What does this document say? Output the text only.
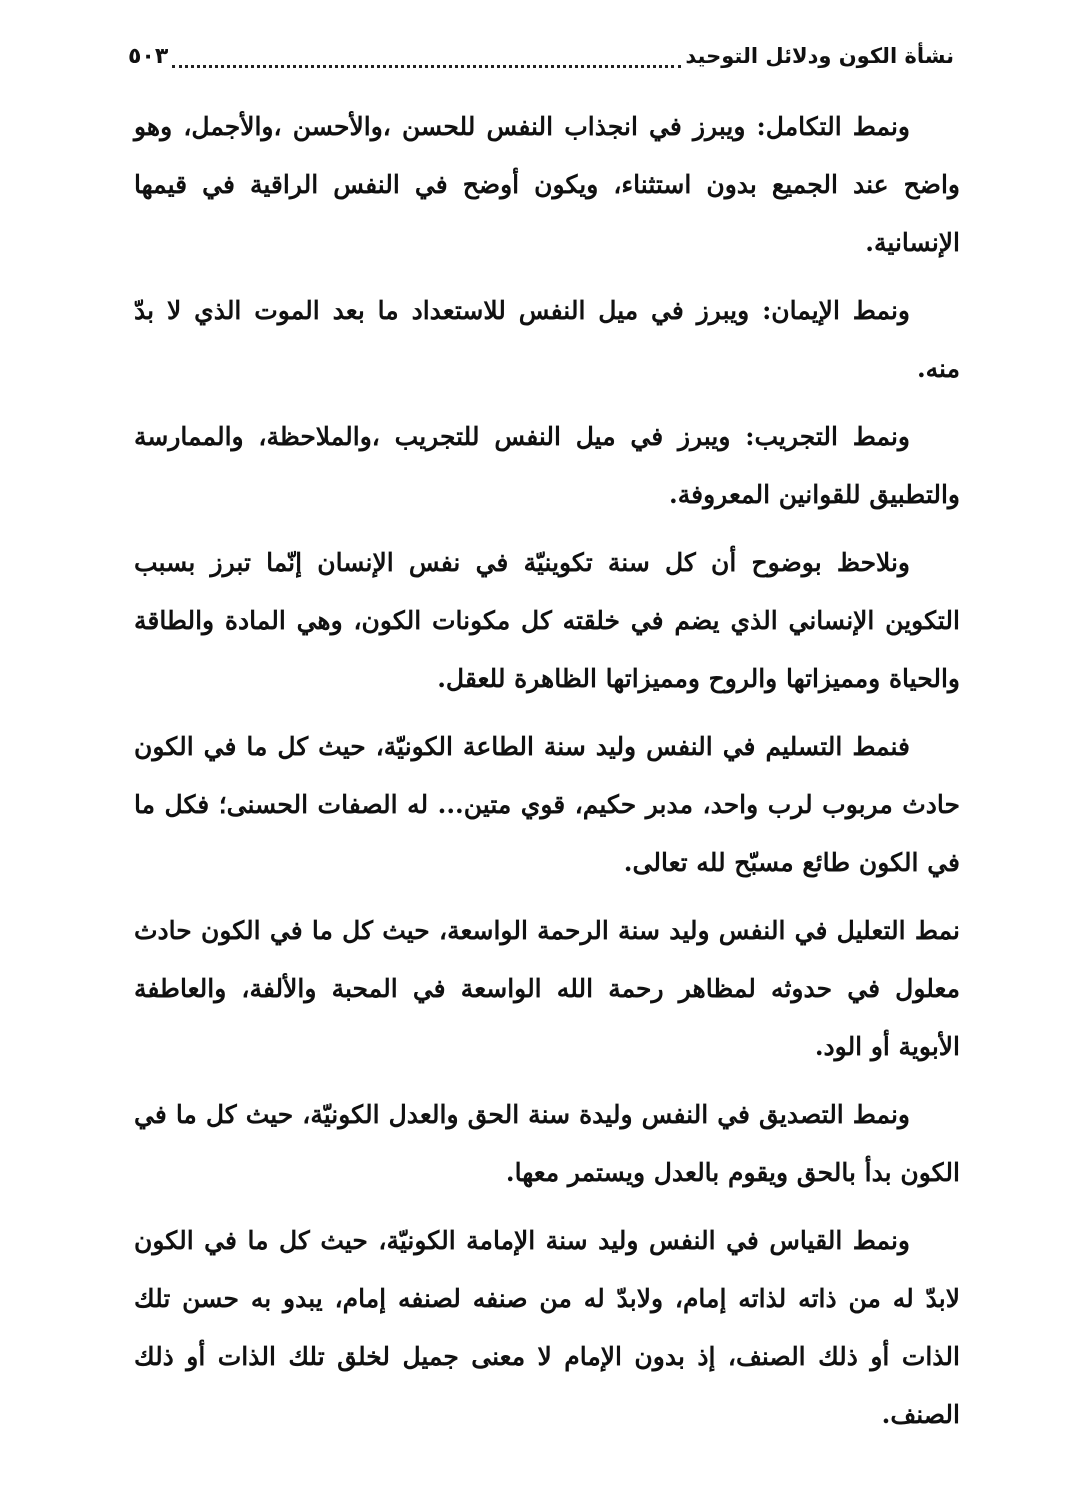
نشأة الكون ودلائل التوحيد
٥٠٣

ونمط التكامل: ويبرز في انجذاب النفس للحسن ،والأحسن ،والأجمل، وهو واضح عند الجميع بدون استثناء، ويكون أوضح في النفس الراقية في قيمها الإنسانية.

ونمط الإيمان: ويبرز في ميل النفس للاستعداد ما بعد الموت الذي لا بدّ منه.

ونمط التجريب: ويبرز في ميل النفس للتجريب ،والملاحظة، والممارسة والتطبيق للقوانين المعروفة.

ونلاحظ بوضوح أن كل سنة تكوينيّة في نفس الإنسان إنّما تبرز بسبب التكوين الإنساني الذي يضم في خلقته كل مكونات الكون، وهي المادة والطاقة والحياة ومميزاتها والروح ومميزاتها الظاهرة للعقل.

فنمط التسليم في النفس وليد سنة الطاعة الكونيّة، حيث كل ما في الكون حادث مربوب لرب واحد، مدبر حكيم، قوي متين... له الصفات الحسنى؛ فكل ما في الكون طائع مسبّح لله تعالى.

نمط التعليل في النفس وليد سنة الرحمة الواسعة، حيث كل ما في الكون حادث معلول في حدوثه لمظاهر رحمة الله الواسعة في المحبة والألفة، والعاطفة الأبوية أو الود.

ونمط التصديق في النفس وليدة سنة الحق والعدل الكونيّة، حيث كل ما في الكون بدأ بالحق ويقوم بالعدل ويستمر معها.

ونمط القياس في النفس وليد سنة الإمامة الكونيّة، حيث كل ما في الكون لابدّ له من ذاته لذاته إمام، ولابدّ له من صنفه لصنفه إمام، يبدو به حسن تلك الذات أو ذلك الصنف، إذ بدون الإمام لا معنى جميل لخلق تلك الذات أو ذلك الصنف.
